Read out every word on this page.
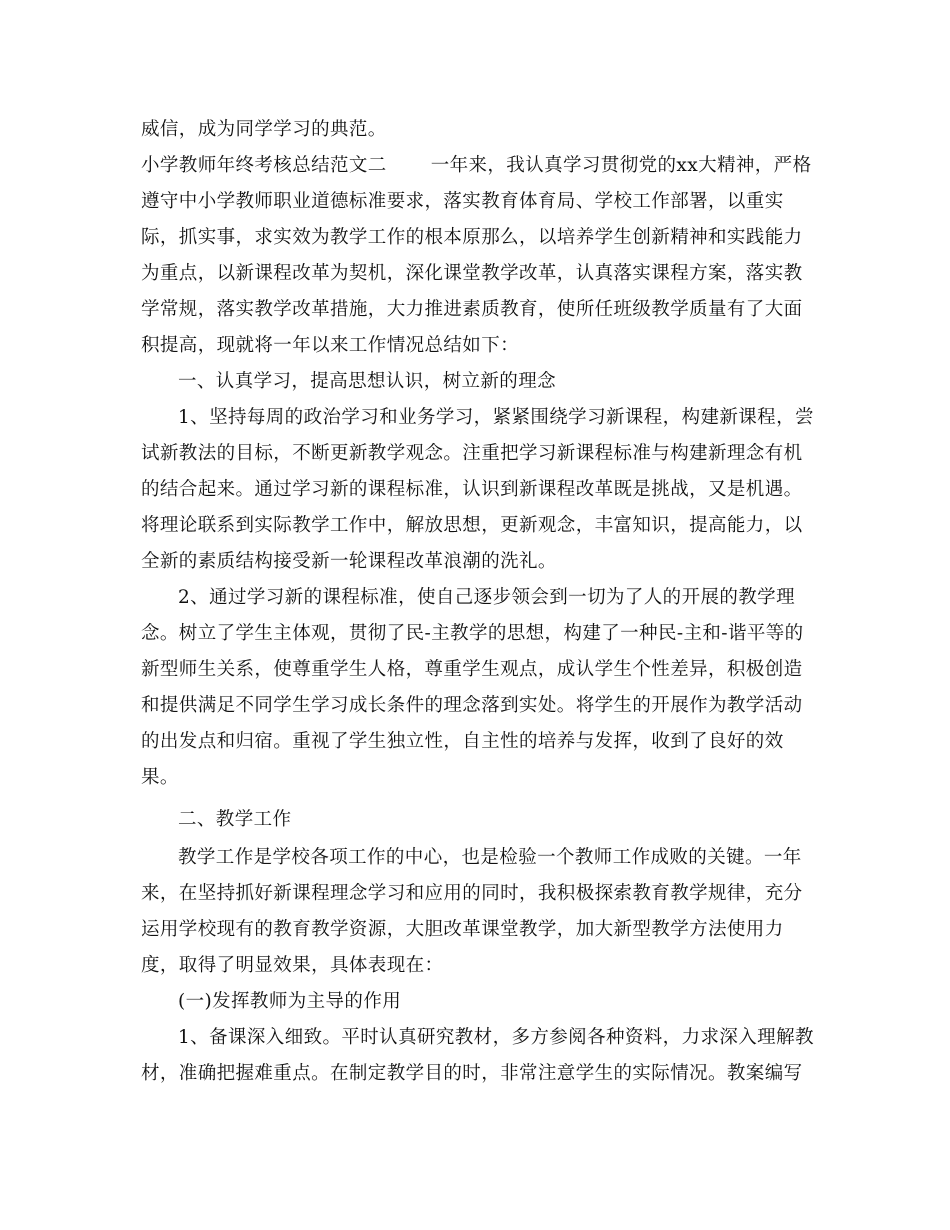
威信，成为同学学习的典范。
小学教师年终考核总结范文二 一年来，我认真学习贯彻党的xx大精神，严格
遵守中小学教师职业道德标准要求，落实教育体育局、学校工作部署，以重实
际，抓实事，求实效为教学工作的根本原那么，以培养学生创新精神和实践能力
为重点，以新课程改革为契机，深化课堂教学改革，认真落实课程方案，落实教
学常规，落实教学改革措施，大力推进素质教育，使所任班级教学质量有了大面
积提高，现就将一年以来工作情况总结如下：
一、认真学习，提高思想认识，树立新的理念
1、坚持每周的政治学习和业务学习，紧紧围绕学习新课程，构建新课程，尝
试新教法的目标，不断更新教学观念。注重把学习新课程标准与构建新理念有机
的结合起来。通过学习新的课程标准，认识到新课程改革既是挑战，又是机遇。
将理论联系到实际教学工作中，解放思想，更新观念，丰富知识，提高能力，以
全新的素质结构接受新一轮课程改革浪潮的洗礼。
2、通过学习新的课程标准，使自己逐步领会到一切为了人的开展的教学理
念。树立了学生主体观，贯彻了民-主教学的思想，构建了一种民-主和-谐平等的
新型师生关系，使尊重学生人格，尊重学生观点，成认学生个性差异，积极创造
和提供满足不同学生学习成长条件的理念落到实处。将学生的开展作为教学活动
的出发点和归宿。重视了学生独立性，自主性的培养与发挥，收到了良好的效
果。
二、教学工作
教学工作是学校各项工作的中心，也是检验一个教师工作成败的关键。一年
来，在坚持抓好新课程理念学习和应用的同时，我积极探索教育教学规律，充分
运用学校现有的教育教学资源，大胆改革课堂教学，加大新型教学方法使用力
度，取得了明显效果，具体表现在：
(一)发挥教师为主导的作用
1、备课深入细致。平时认真研究教材，多方参阅各种资料，力求深入理解教
材，准确把握难重点。在制定教学目的时，非常注意学生的实际情况。教案编写
